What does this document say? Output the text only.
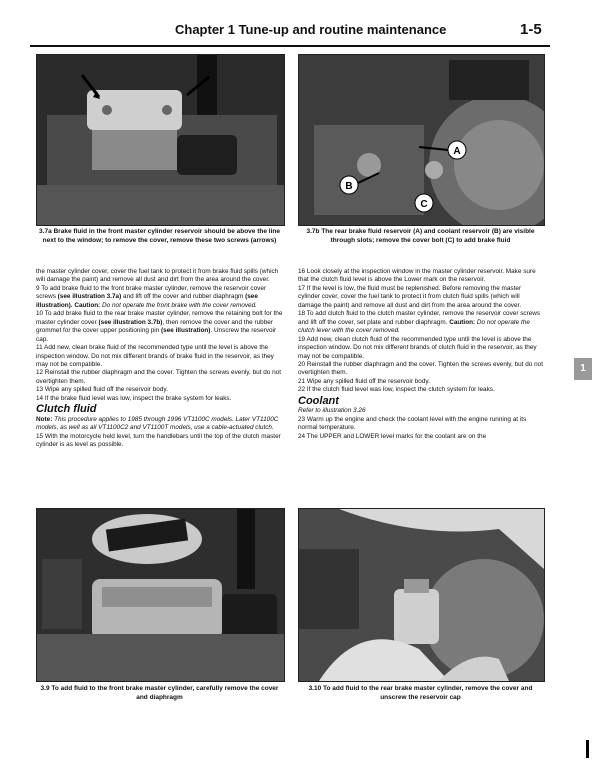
Chapter 1 Tune-up and routine maintenance	1-5
3.7a Brake fluid in the front master cylinder reservoir should be above the line next to the window; to remove the cover, remove these two screws (arrows)
A
B
C
3.7b The rear brake fluid reservoir (A) and coolant reservoir (B) are visible through slots; remove the cover bolt (C) to add brake fluid

the master cylinder cover, cover the fuel tank to protect it from brake fluid spills (which will damage the paint) and remove all dust and dirt from the area around the cover.

9 To add brake fluid to the front brake master cylinder, remove the reservoir cover screws (see illustration 3.7a) and lift off the cover and rubber diaphragm (see illustration). Caution: Do not operate the front brake with the cover removed.

10 To add brake fluid to the rear brake master cylinder, remove the retaining bolt for the master cylinder cover (see illustration 3.7b), then remove the cover and the rubber grommet for the cover upper positioning pin (see illustration). Unscrew the reservoir cap.

11 Add new, clean brake fluid of the recommended type until the level is above the inspection window. Do not mix different brands of brake fluid in the reservoir, as they may not be compatible.

12 Reinstall the rubber diaphragm and the cover. Tighten the screws evenly, but do not overtighten them.

13 Wipe any spilled fluid off the reservoir body.

14 If the brake fluid level was low, inspect the brake system for leaks.

Clutch fluid

Note: This procedure applies to 1985 through 1996 VT1100C models. Later VT1100C models, as well as all VT1100C2 and VT1100T models, use a cable-actuated clutch.

15 With the motorcycle held level, turn the handlebars until the top of the clutch master cylinder is as level as possible.

16 Look closely at the inspection window in the master cylinder reservoir. Make sure that the clutch fluid level is above the Lower mark on the reservoir.

17 If the level is low, the fluid must be replenished. Before removing the master cylinder cover, cover the fuel tank to protect it from clutch fluid spills (which will damage the paint) and remove all dust and dirt from the area around the cover.

18 To add clutch fluid to the clutch master cylinder, remove the reservoir cover screws and lift off the cover, set plate and rubber diaphragm. Caution: Do not operate the clutch lever with the cover removed.

19 Add new, clean clutch fluid of the recommended type until the level is above the inspection window. Do not mix different brands of clutch fluid in the reservoir, as they may not be compatible.

20 Reinstall the rubber diaphragm and the cover. Tighten the screws evenly, but do not overtighten them.

21 Wipe any spilled fluid off the reservoir body.

22 If the clutch fluid level was low, inspect the clutch system for leaks.

Coolant

Refer to illustration 3.26

23 Warm up the engine and check the coolant level with the engine running at its normal temperature.

24 The UPPER and LOWER level marks for the coolant are on the

3.9 To add fluid to the front brake master cylinder, carefully remove the cover and diaphragm
3.10 To add fluid to the rear brake master cylinder, remove the cover and unscrew the reservoir cap
1
